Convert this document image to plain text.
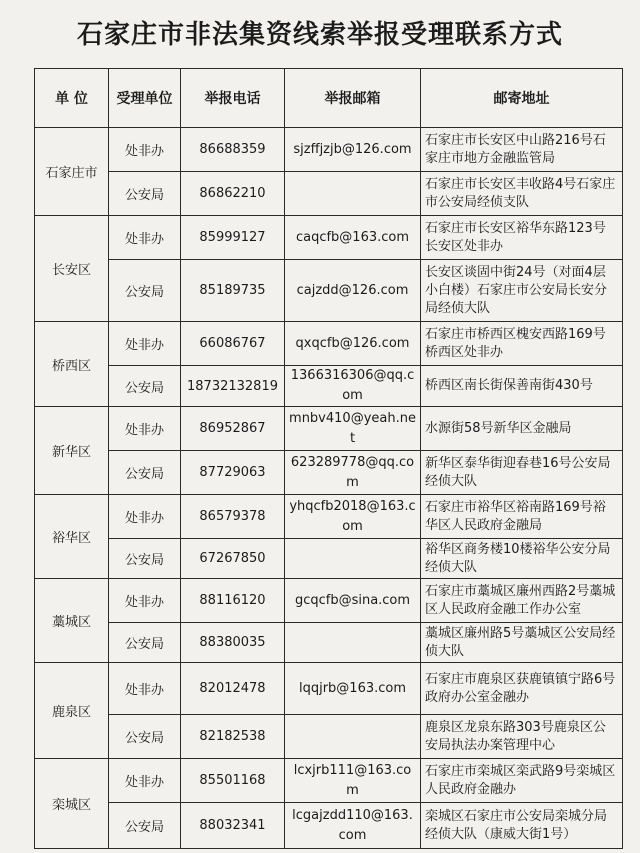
石家庄市非法集资线索举报受理联系方式
单 位	受理单位	举报电话	举报邮箱	邮寄地址
石家庄市	处非办	86688359	sjzffjzjb@126.com	石家庄市长安区中山路216号石家庄市地方金融监管局
	公安局	86862210		石家庄市长安区丰收路4号石家庄市公安局经侦支队
长安区	处非办	85999127	caqcfb@163.com	石家庄市长安区裕华东路123号长安区处非办
	公安局	85189735	cajzdd@126.com	长安区谈固中街24号（对面4层小白楼）石家庄市公安局长安分局经侦大队
桥西区	处非办	66086767	qxqcfb@126.com	石家庄市桥西区槐安西路169号桥西区处非办
	公安局	18732132819	1366316306@qq.com	桥西区南长街保善南街430号
新华区	处非办	86952867	mnbv410@yeah.net	水源街58号新华区金融局
	公安局	87729063	623289778@qq.com	新华区泰华街迎春巷16号公安局经侦大队
裕华区	处非办	86579378	yhqcfb2018@163.com	石家庄市裕华区裕南路169号裕华区人民政府金融局
	公安局	67267850		裕华区商务楼10楼裕华公安分局经侦大队
藁城区	处非办	88116120	gcqcfb@sina.com	石家庄市藁城区廉州西路2号藁城区人民政府金融工作办公室
	公安局	88380035		藁城区廉州路5号藁城区公安局经侦大队
鹿泉区	处非办	82012478	lqqjrb@163.com	石家庄市鹿泉区获鹿镇镇宁路6号政府办公室金融办
	公安局	82182538		鹿泉区龙泉东路303号鹿泉区公安局执法办案管理中心
栾城区	处非办	85501168	lcxjrb111@163.com	石家庄市栾城区栾武路9号栾城区人民政府金融办
	公安局	88032341	lcgajzdd110@163.com	栾城区石家庄市公安局栾城分局经侦大队（康威大街1号）
